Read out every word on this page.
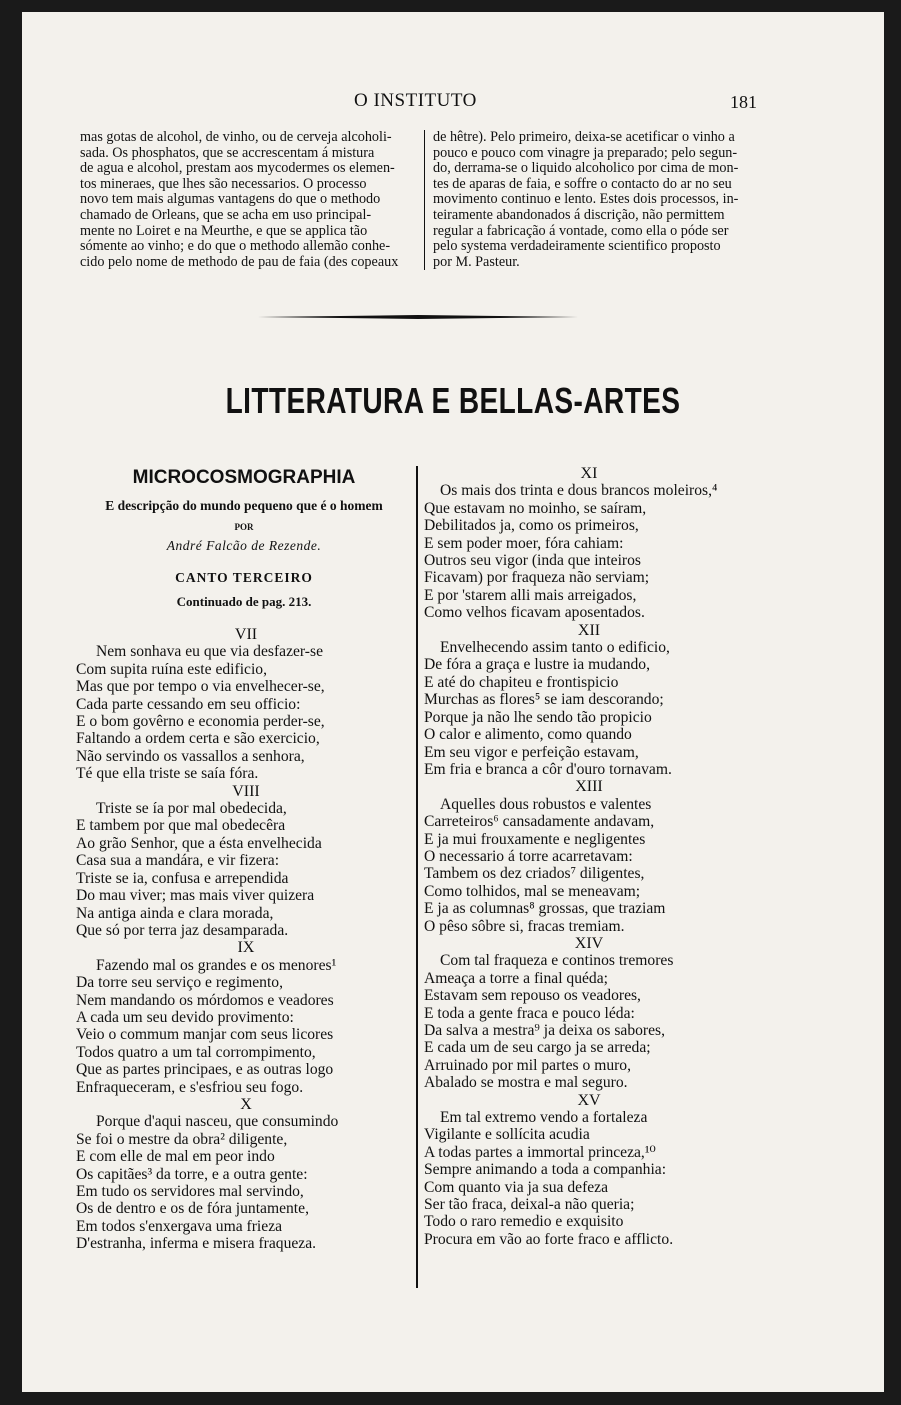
O INSTITUTO	181
mas gotas de alcohol, de vinho, ou de cerveja alcoholi-
sada. Os phosphatos, que se accrescentam á mistura
de agua e alcohol, prestam aos mycodermes os elemen-
tos mineraes, que lhes são necessarios. O processo
novo tem mais algumas vantagens do que o methodo
chamado de Orleans, que se acha em uso principal-
mente no Loiret e na Meurthe, e que se applica tão
sómente ao vinho; e do que o methodo allemão conhe-
cido pelo nome de methodo de pau de faia (des copeaux
de hêtre). Pelo primeiro, deixa-se acetificar o vinho a
pouco e pouco com vinagre ja preparado; pelo segun-
do, derrama-se o liquido alcoholico por cima de mon-
tes de aparas de faia, e soffre o contacto do ar no seu
movimento continuo e lento. Estes dois processos, in-
teiramente abandonados á discrição, não permittem
regular a fabricação á vontade, como ella o póde ser
pelo systema verdadeiramente scientifico proposto
por M. Pasteur.
LITTERATURA E BELLAS-ARTES
MICROCOSMOGRAPHIA
E descripção do mundo pequeno que é o homem
POR
André Falcão de Rezende.
CANTO TERCEIRO
Continuado de pag. 213.
VII
Nem sonhava eu que via desfazer-se
Com supita ruína este edificio,
Mas que por tempo o via envelhecer-se,
Cada parte cessando em seu officio:
E o bom govêrno e economia perder-se,
Faltando a ordem certa e são exercicio,
Não servindo os vassallos a senhora,
Té que ella triste se saía fóra.
VIII
Triste se ía por mal obedecida,
E tambem por que mal obedecêra
Ao grão Senhor, que a ésta envelhecida
Casa sua a mandára, e vir fizera:
Triste se ia, confusa e arrependida
Do mau viver; mas mais viver quizera
Na antiga ainda e clara morada,
Que só por terra jaz desamparada.
IX
Fazendo mal os grandes e os menores¹
Da torre seu serviço e regimento,
Nem mandando os mórdomos e veadores
A cada um seu devido provimento:
Veio o commum manjar com seus licores
Todos quatro a um tal corrompimento,
Que as partes principaes, e as outras logo
Enfraqueceram, e s'esfriou seu fogo.
X
Porque d'aqui nasceu, que consumindo
Se foi o mestre da obra² diligente,
E com elle de mal em peor indo
Os capitães³ da torre, e a outra gente:
Em tudo os servidores mal servindo,
Os de dentro e os de fóra juntamente,
Em todos s'enxergava uma frieza
D'estranha, inferma e misera fraqueza.
XI
Os mais dos trinta e dous brancos moleiros,⁴
Que estavam no moinho, se saíram,
Debilitados ja, como os primeiros,
E sem poder moer, fóra cahiam:
Outros seu vigor (inda que inteiros
Ficavam) por fraqueza não serviam;
E por 'starem alli mais arreigados,
Como velhos ficavam aposentados.
XII
Envelhecendo assim tanto o edificio,
De fóra a graça e lustre ia mudando,
E até do chapiteu e frontispicio
Murchas as flores⁵ se iam descorando;
Porque ja não lhe sendo tão propicio
O calor e alimento, como quando
Em seu vigor e perfeição estavam,
Em fria e branca a côr d'ouro tornavam.
XIII
Aquelles dous robustos e valentes
Carreteiros⁶ cansadamente andavam,
E ja mui frouxamente e negligentes
O necessario á torre acarretavam:
Tambem os dez criados⁷ diligentes,
Como tolhidos, mal se meneavam;
E ja as columnas⁸ grossas, que traziam
O pêso sôbre si, fracas tremiam.
XIV
Com tal fraqueza e continos tremores
Ameaça a torre a final quéda;
Estavam sem repouso os veadores,
E toda a gente fraca e pouco léda:
Da salva a mestra⁹ ja deixa os sabores,
E cada um de seu cargo ja se arreda;
Arruinado por mil partes o muro,
Abalado se mostra e mal seguro.
XV
Em tal extremo vendo a fortaleza
Vigilante e sollícita acudia
A todas partes a immortal princeza,¹⁰
Sempre animando a toda a companhia:
Com quanto via ja sua defeza
Ser tão fraca, deixal-a não queria;
Todo o raro remedio e exquisito
Procura em vão ao forte fraco e afflicto.
